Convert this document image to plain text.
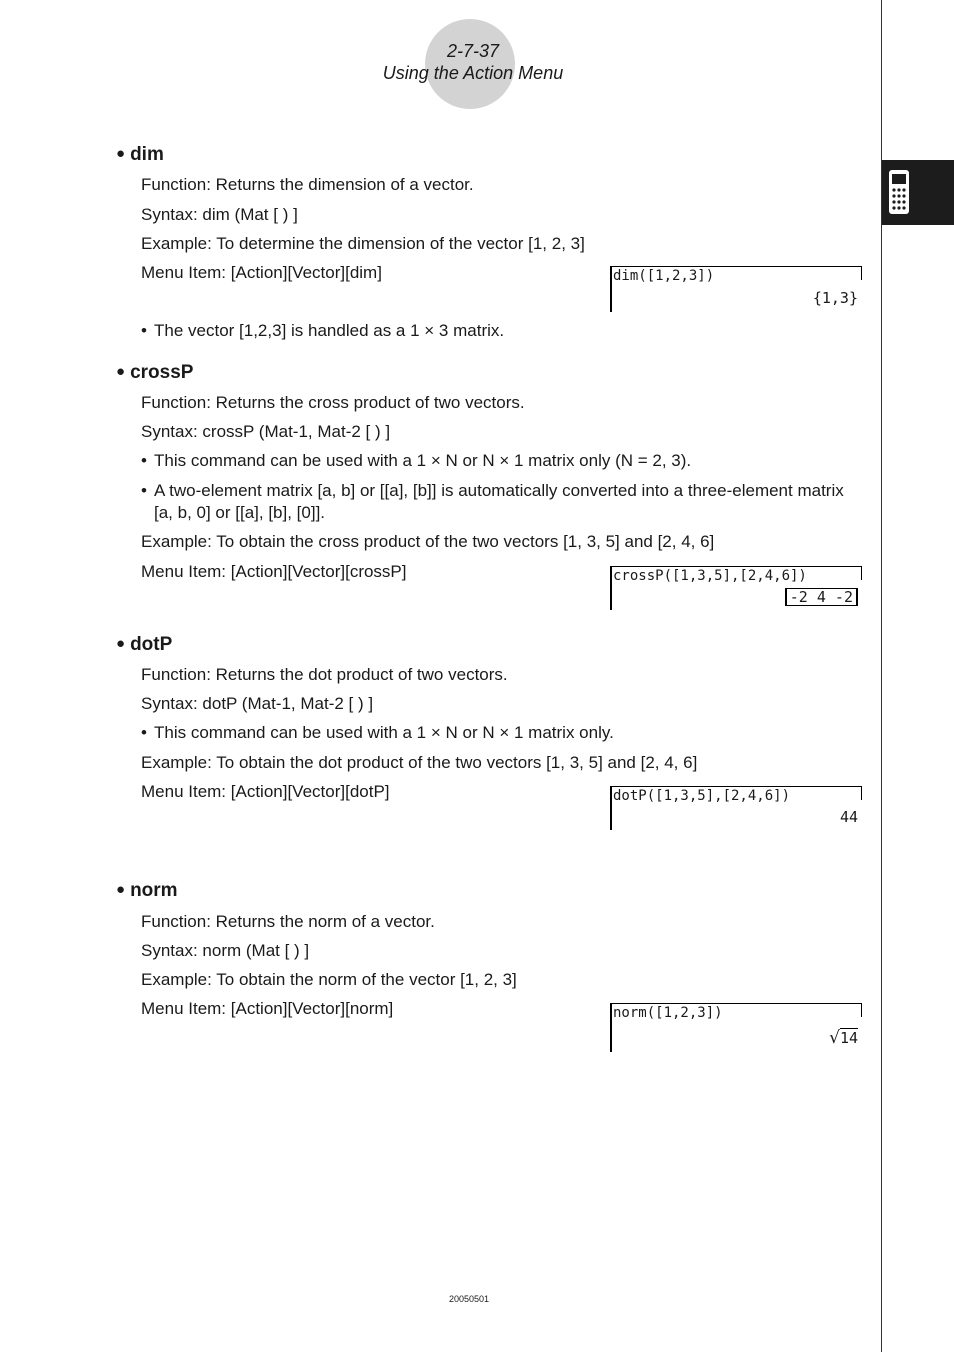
2-7-37
Using the Action Menu
● dim
Function: Returns the dimension of a vector.
Syntax: dim (Mat [ ) ]
Example: To determine the dimension of the vector [1, 2, 3]
Menu Item: [Action][Vector][dim]	dim([1,2,3])
{1,3}
• The vector [1,2,3] is handled as a 1 × 3 matrix.
● crossP
Function: Returns the cross product of two vectors.
Syntax: crossP (Mat-1, Mat-2 [ ) ]
• This command can be used with a 1 × N or N × 1 matrix only (N = 2, 3).
• A two-element matrix [a, b] or [[a], [b]] is automatically converted into a three-element matrix [a, b, 0] or [[a], [b], [0]].
Example: To obtain the cross product of the two vectors [1, 3, 5] and [2, 4, 6]
Menu Item: [Action][Vector][crossP]	crossP([1,3,5],[2,4,6])
-2 4 -2
● dotP
Function: Returns the dot product of two vectors.
Syntax: dotP (Mat-1, Mat-2 [ ) ]
• This command can be used with a 1 × N or N × 1 matrix only.
Example: To obtain the dot product of the two vectors [1, 3, 5] and [2, 4, 6]
Menu Item: [Action][Vector][dotP]	dotP([1,3,5],[2,4,6])
44
● norm
Function: Returns the norm of a vector.
Syntax: norm (Mat [ ) ]
Example: To obtain the norm of the vector [1, 2, 3]
Menu Item: [Action][Vector][norm]	norm([1,2,3])
√14
20050501
